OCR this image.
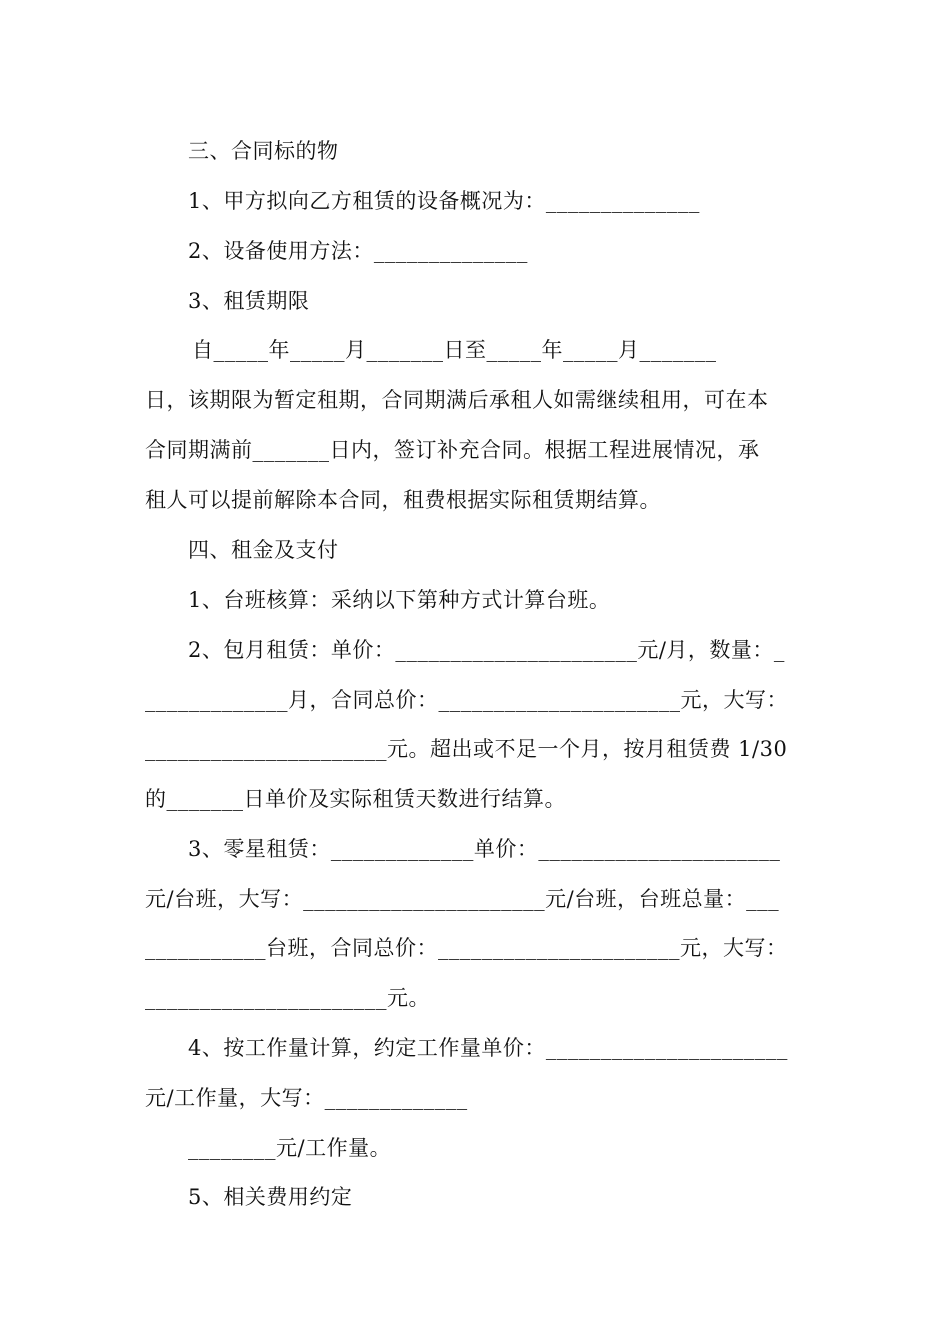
三、合同标的物
1、甲方拟向乙方租赁的设备概况为：______________
2、设备使用方法：______________
3、租赁期限
自_____年_____月_______日至_____年_____月_______
日，该期限为暂定租期，合同期满后承租人如需继续租用，可在本
合同期满前_______日内，签订补充合同。根据工程进展情况，承
租人可以提前解除本合同，租费根据实际租赁期结算。
四、租金及支付
1、台班核算：采纳以下第种方式计算台班。
2、包月租赁：单价：______________________元/月，数量：_
_____________月，合同总价：______________________元，大写：
______________________元。超出或不足一个月，按月租赁费 1/30
的_______日单价及实际租赁天数进行结算。
3、零星租赁：_____________单价：______________________
元/台班，大写：______________________元/台班，台班总量：___
___________台班，合同总价：______________________元，大写：
______________________元。
4、按工作量计算，约定工作量单价：______________________
元/工作量，大写：_____________
________元/工作量。
5、相关费用约定
